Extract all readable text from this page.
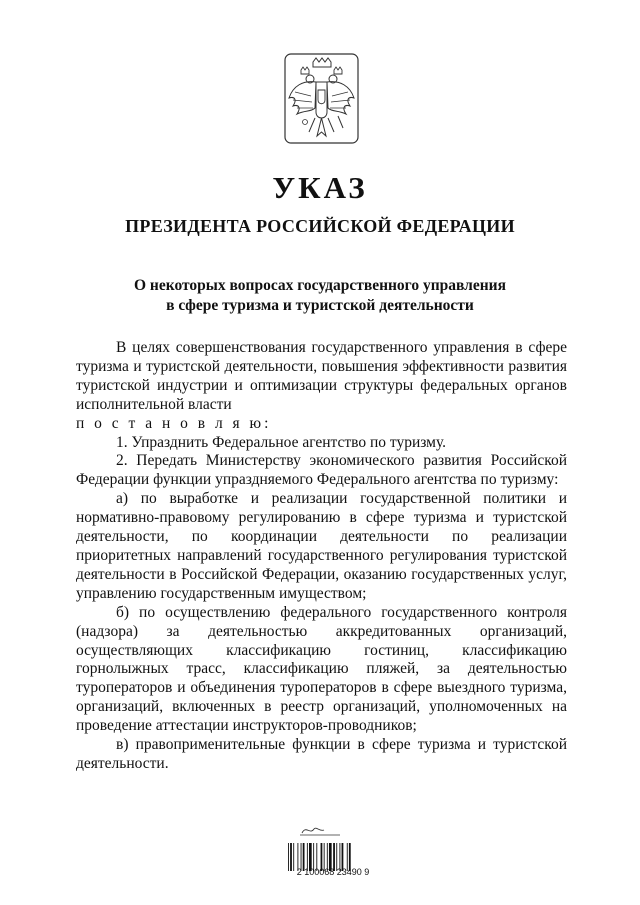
УКАЗ
ПРЕЗИДЕНТА РОССИЙСКОЙ ФЕДЕРАЦИИ
О некоторых вопросах государственного управления
в сфере туризма и туристской деятельности

В целях совершенствования государственного управления в сфере туризма и туристской деятельности, повышения эффективности развития туристской индустрии и оптимизации структуры федеральных органов исполнительной власти

п о с т а н о в л я ю:

1. Упразднить Федеральное агентство по туризму.

2. Передать Министерству экономического развития Российской Федерации функции упраздняемого Федерального агентства по туризму:

а) по выработке и реализации государственной политики и нормативно-правовому регулированию в сфере туризма и туристской деятельности, по координации деятельности по реализации приоритетных направлений государственного регулирования туристской деятельности в Российской Федерации, оказанию государственных услуг, управлению государственным имуществом;

б) по осуществлению федерального государственного контроля (надзора) за деятельностью аккредитованных организаций, осуществляющих классификацию гостиниц, классификацию горнолыжных трасс, классификацию пляжей, за деятельностью туроператоров и объединения туроператоров в сфере выездного туризма, организаций, включенных в реестр организаций, уполномоченных на проведение аттестации инструкторов-проводников;

в) правоприменительные функции в сфере туризма и туристской деятельности.

2 100068 23490 9
